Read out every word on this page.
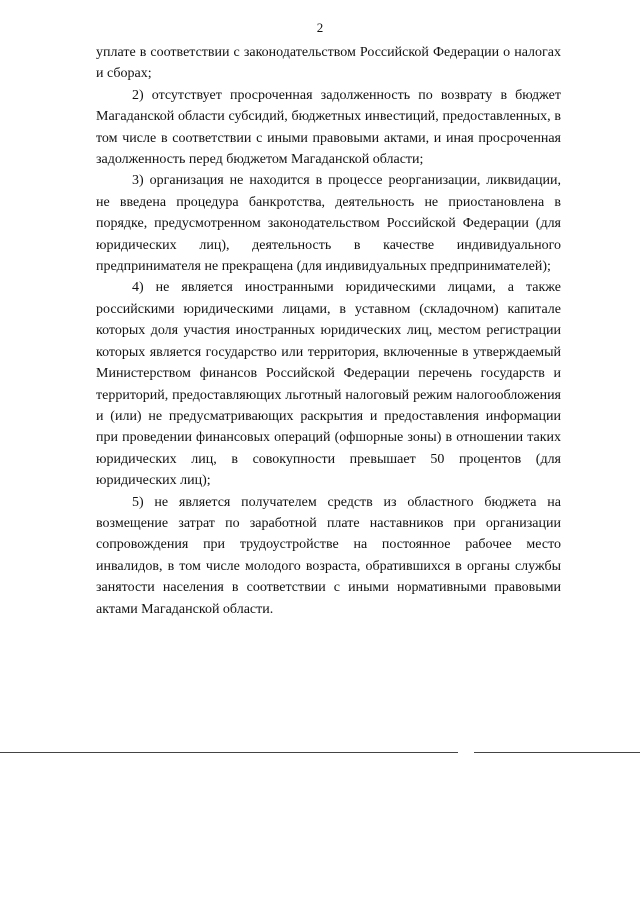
2

уплате в соответствии с законодательством Российской Федерации о налогах и сборах;

2) отсутствует просроченная задолженность по возврату в бюджет Магаданской области субсидий, бюджетных инвестиций, предоставленных, в том числе в соответствии с иными правовыми актами, и иная просроченная задолженность перед бюджетом Магаданской области;

3) организация не находится в процессе реорганизации, ликвидации, не введена процедура банкротства, деятельность не приостановлена в порядке, предусмотренном законодательством Российской Федерации (для юридических лиц), деятельность в качестве индивидуального предпринимателя не прекращена (для индивидуальных предпринимателей);

4) не является иностранными юридическими лицами, а также российскими юридическими лицами, в уставном (складочном) капитале которых доля участия иностранных юридических лиц, местом регистрации которых является государство или территория, включенные в утверждаемый Министерством финансов Российской Федерации перечень государств и территорий, предоставляющих льготный налоговый режим налогообложения и (или) не предусматривающих раскрытия и предоставления информации при проведении финансовых операций (офшорные зоны) в отношении таких юридических лиц, в совокупности превышает 50 процентов (для юридических лиц);

5) не является получателем средств из областного бюджета на возмещение затрат по заработной плате наставников при организации сопровождения при трудоустройстве на постоянное рабочее место инвалидов, в том числе молодого возраста, обратившихся в органы службы занятости населения в соответствии с иными нормативными правовыми актами Магаданской области.
